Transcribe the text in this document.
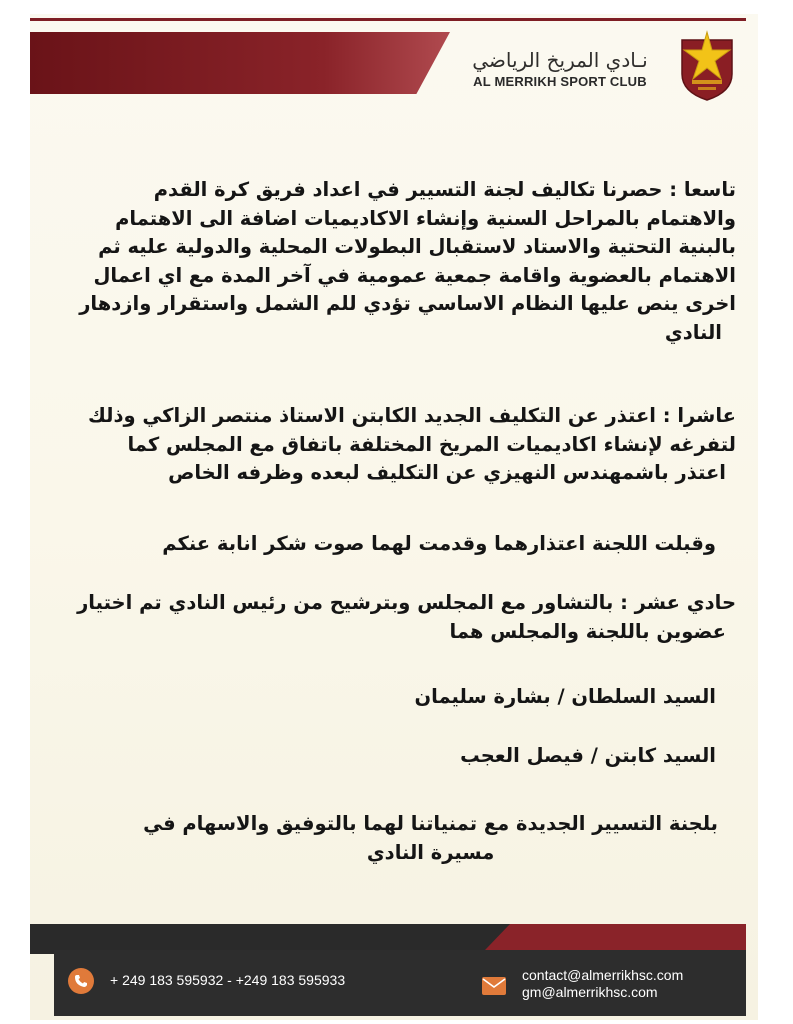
نـادي المريخ الرياضي
AL MERRIKH SPORT CLUB
تاسعا : حصرنا تكاليف لجنة التسيير في اعداد فريق كرة القدم
والاهتمام بالمراحل السنية وإنشاء الاكاديميات اضافة الى الاهتمام
بالبنية التحتية والاستاد لاستقبال البطولات المحلية والدولية عليه ثم
الاهتمام بالعضوية واقامة جمعية عمومية في آخر المدة مع اي اعمال
اخرى ينص عليها النظام الاساسي تؤدي للم الشمل واستقرار وازدهار
النادي
عاشرا : اعتذر عن التكليف الجديد الكابتن الاستاذ منتصر الزاكي وذلك
لتفرغه لإنشاء اكاديميات المريخ المختلفة باتفاق مع المجلس كما
اعتذر باشمهندس النهيزي عن التكليف لبعده وظرفه الخاص
وقبلت اللجنة اعتذارهما وقدمت لهما صوت شكر انابة عنكم
حادي عشر : بالتشاور مع المجلس وبترشيح من رئيس النادي تم اختيار
عضوين باللجنة والمجلس هما
السيد السلطان / بشارة سليمان
السيد كابتن / فيصل العجب
بلجنة التسيير الجديدة مع تمنياتنا لهما بالتوفيق والاسهام في
مسيرة النادي
+ 249 183 595932 - +249 183 595933	contact@almerrikhsc.com
gm@almerrikhsc.com
